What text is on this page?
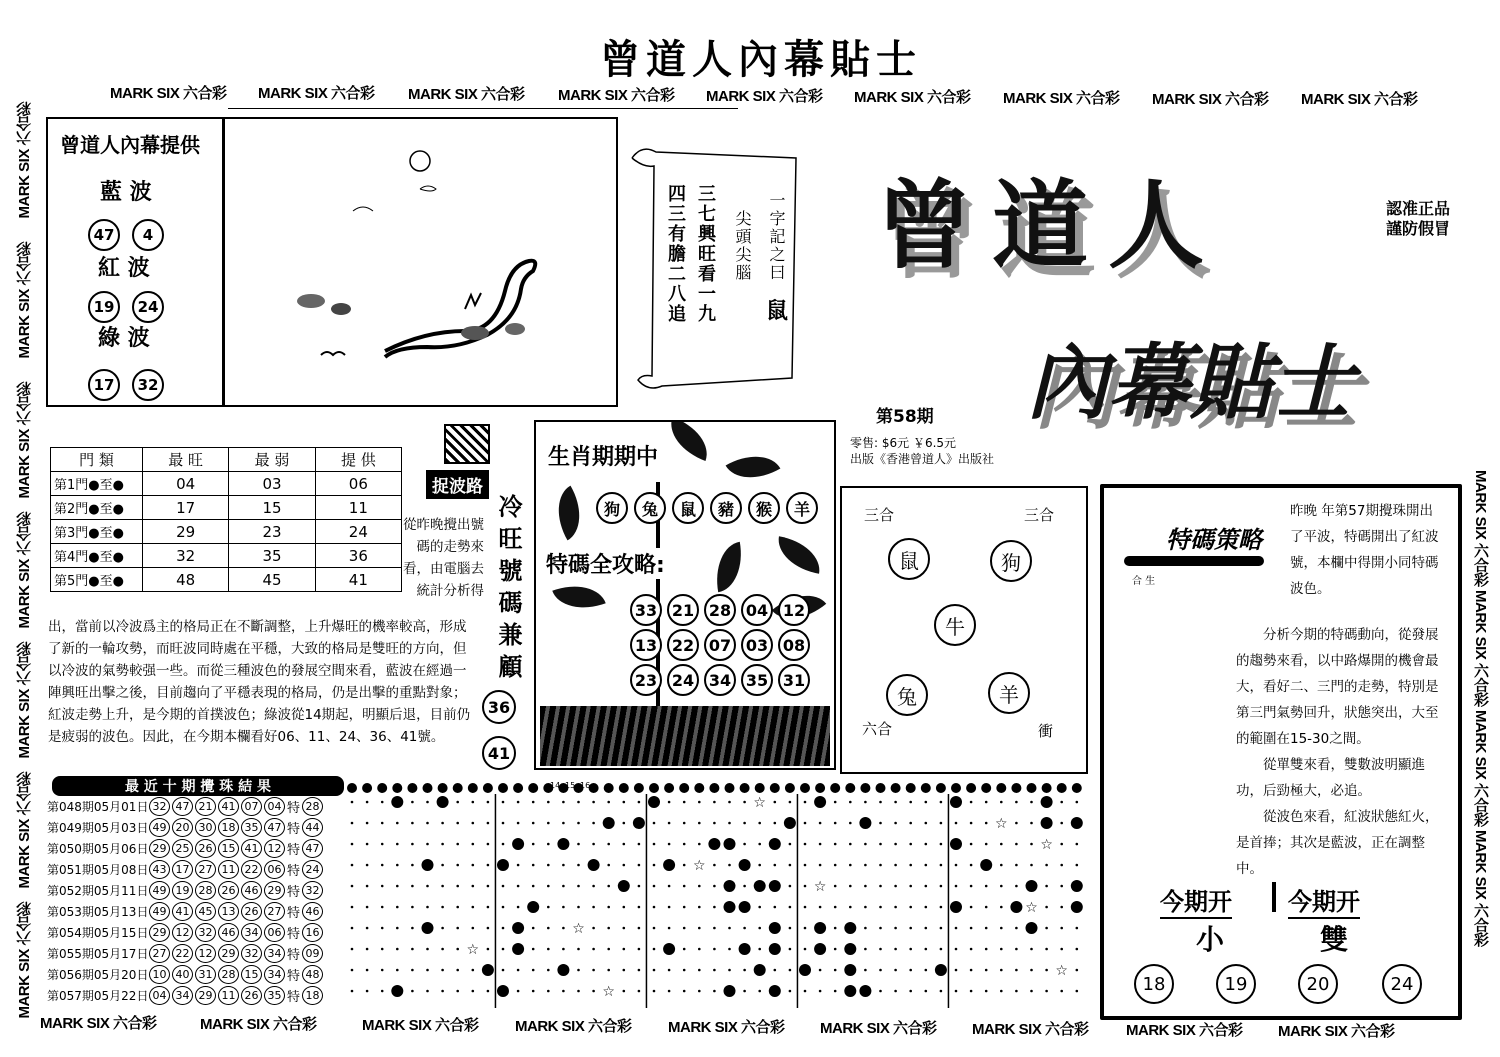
曾道人內幕貼士
MARK SIX 六合彩 MARK SIX 六合彩 MARK SIX 六合彩 MARK SIX 六合彩 MARK SIX 六合彩 MARK SIX 六合彩 MARK SIX 六合彩 MARK SIX 六合彩 MARK SIX 六合彩
MARK SIX 六合彩
MARK SIX 六合彩
MARK SIX 六合彩
MARK SIX 六合彩
MARK SIX 六合彩
MARK SIX 六合彩
MARK SIX 六合彩
MARK SIX 六合彩
MARK SIX 六合彩
MARK SIX 六合彩
MARK SIX 六合彩
MARK SIX 六合彩	MARK SIX 六合彩	MARK SIX 六合彩 MARK SIX 六合彩 MARK SIX 六合彩 MARK SIX 六合彩 MARK SIX 六合彩 MARK SIX 六合彩 MARK SIX 六合彩
曾道人內幕提供
藍 波
47	4
紅 波
19	24
綠 波
17	32
一字記之曰
鼠
尖頭尖腦
三七興旺看一九
四三有膽二八追 曾道人
內幕貼士
認准正品
謹防假冒
第58期
零售: $6元 ￥6.5元
出版《香港曾道人》出版社
門 類	最 旺	最 弱	提 供
第1門●至●	04	03	06
第2門●至●	17	15	11
第3門●至●	29	23	24
第4門●至●	32	35	36
第5門●至●	48	45	41
捉波路
從昨晚攪出號碼的走勢來看，由電腦去統計分析得 冷旺號碼兼顧
出，當前以冷波爲主的格局正在不斷調整，上升爆旺的機率較高，形成了新的一輪攻勢，而旺波同時處在平穩，大致的格局是雙旺的方向，但以冷波的氣勢較强一些。而從三種波色的發展空間來看，藍波在經過一陣興旺出擊之後，目前趨向了平穩表現的格局，仍是出擊的重點對象；紅波走勢上升，是今期的首撲波色；綠波從14期起，明顯后退，目前仍是疲弱的波色。因此，在今期本欄看好06、11、24、36、41號。
36
41
生肖期期中
狗	兔	鼠	豬	猴	羊
特碼全攻略:
33 21 28 04 12
13 22 07 03 08
23 24 34 35 31
三合	三合
鼠	狗
牛
兔	羊
六合	衝
特碼策略
合 生
昨晚 年第57期攪珠開出了平波，特碼開出了紅波 號，本欄中得開小同特碼波色。
分析今期的特碼動向，從發展的趨勢來看，以中路爆開的機會最大，看好二、三門的走勢，特別是第三門氣勢回升，狀態突出，大至的範圍在15-30之間。
從單雙來看，雙數波明顯進功，后勁極大，必追。
從波色來看，紅波狀態紅火，是首捧；其次是藍波，正在調整中。
今期开 今期开
小	雙
18	19	20	24
最 近 十 期 攪 珠 結 果
第048期05月01日 32 47 21 41 07 04 特 28
第049期05月03日 49 20 30 18 35 47 特 44
第050期05月06日 29 25 26 15 41 12 特 47
第051期05月08日 43 17 27 11 22 06 特 24
第052期05月11日 49 19 28 26 46 29 特 32
第053期05月13日 49 41 45 13 26 27 特 46
第054期05月15日 29 12 32 46 34 06 特 16
第055期05月17日 27 22 12 29 32 34 特 09
第056期05月20日 10 40 31 28 15 34 特 48
第057期05月22日 04 34 29 11 26 35 特 18
☆
☆
☆
☆
☆
☆
☆
☆
☆
☆
14 15 16
